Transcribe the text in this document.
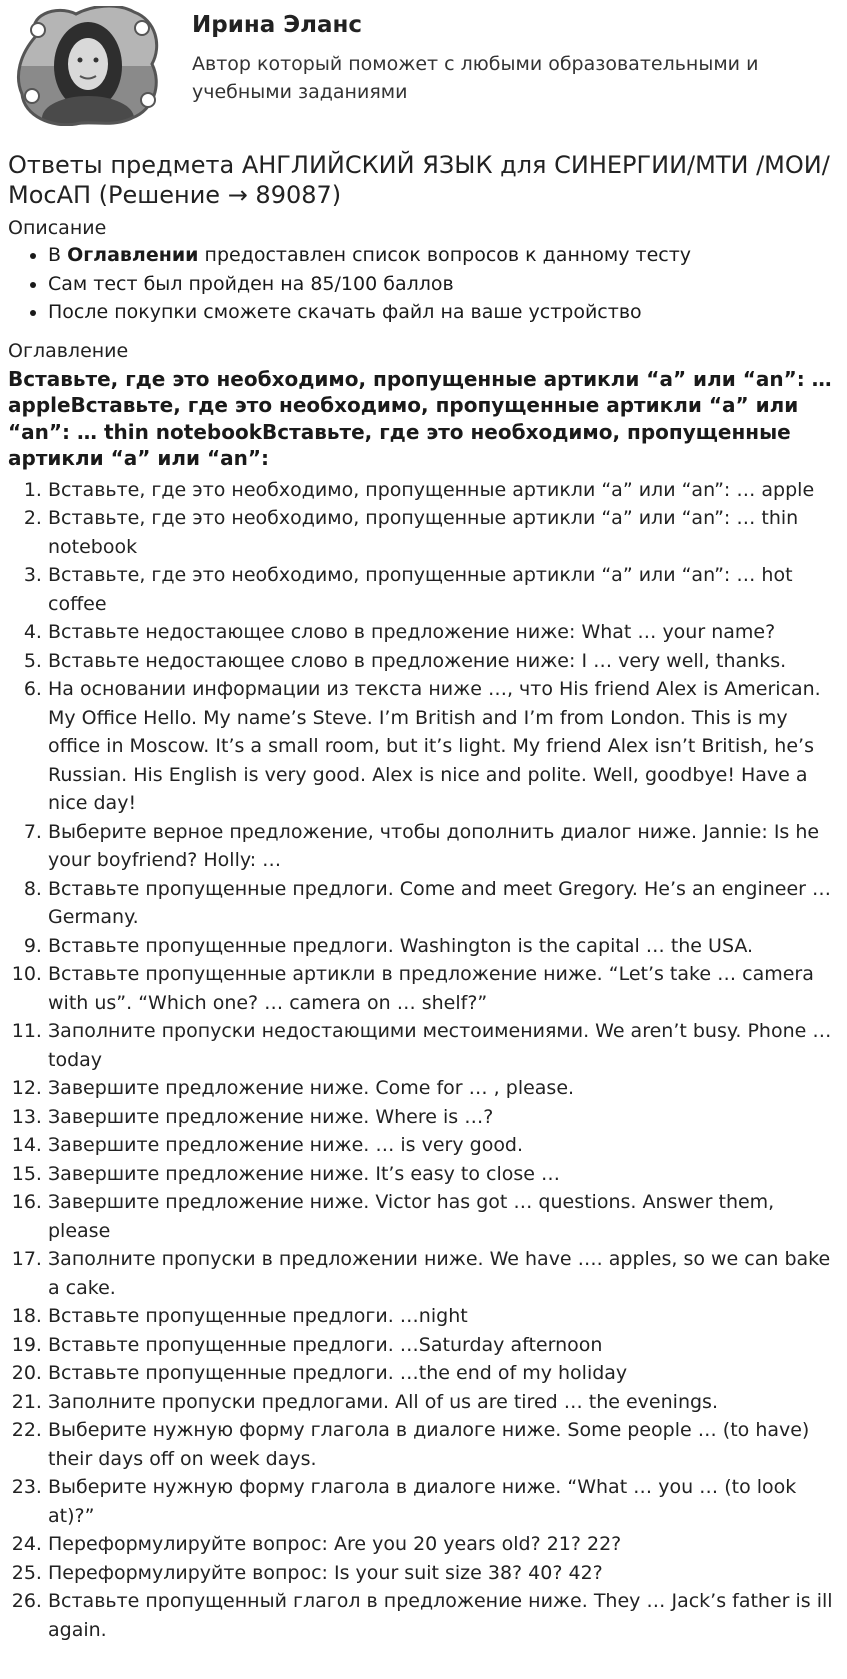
Ирина Эланс
Автор который поможет с любыми образовательными и учебными заданиями
Ответы предмета АНГЛИЙСКИЙ ЯЗЫК для СИНЕРГИИ/МТИ /МОИ/МосАП (Решение → 89087)
Описание
• В Оглавлении предоставлен список вопросов к данному тесту
• Сам тест был пройден на 85/100 баллов
• После покупки сможете скачать файл на ваше устройство
Оглавление
Вставьте, где это необходимо, пропущенные артикли “a” или “an”: … appleВставьте, где это необходимо, пропущенные артикли “a” или “an”: … thin notebookВставьте, где это необходимо, пропущенные артикли “a” или “an”:
1. Вставьте, где это необходимо, пропущенные артикли “a” или “an”: … apple
2. Вставьте, где это необходимо, пропущенные артикли “a” или “an”: … thin notebook
3. Вставьте, где это необходимо, пропущенные артикли “a” или “an”: … hot coffee
4. Вставьте недостающее слово в предложение ниже: What … your name?
5. Вставьте недостающее слово в предложение ниже: I … very well, thanks.
6. На основании информации из текста ниже …, что His friend Alex is American. My Office Hello. My name’s Steve. I’m British and I’m from London. This is my office in Moscow. It’s a small room, but it’s light. My friend Alex isn’t British, he’s Russian. His English is very good. Alex is nice and polite. Well, goodbye! Have a nice day!
7. Выберите верное предложение, чтобы дополнить диалог ниже. Jannie: Is he your boyfriend? Holly: …
8. Вставьте пропущенные предлоги. Come and meet Gregory. He’s an engineer … Germany.
9. Вставьте пропущенные предлоги. Washington is the capital … the USA.
10. Вставьте пропущенные артикли в предложение ниже. “Let’s take … camera with us”. “Which one? … camera on … shelf?”
11. Заполните пропуски недостающими местоимениями. We aren’t busy. Phone … today
12. Завершите предложение ниже. Come for … , please.
13. Завершите предложение ниже. Where is …?
14. Завершите предложение ниже. … is very good.
15. Завершите предложение ниже. It’s easy to close …
16. Завершите предложение ниже. Victor has got … questions. Answer them, please
17. Заполните пропуски в предложении ниже. We have …. apples, so we can bake a cake.
18. Вставьте пропущенные предлоги. …night
19. Вставьте пропущенные предлоги. …Saturday afternoon
20. Вставьте пропущенные предлоги. …the end of my holiday
21. Заполните пропуски предлогами. All of us are tired … the evenings.
22. Выберите нужную форму глагола в диалоге ниже. Some people … (to have) their days off on week days.
23. Выберите нужную форму глагола в диалоге ниже. “What … you … (to look at)?”
24. Переформулируйте вопрос: Are you 20 years old? 21? 22?
25. Переформулируйте вопрос: Is your suit size 38? 40? 42?
26. Вставьте пропущенный глагол в предложение ниже. They … Jack’s father is ill again.
